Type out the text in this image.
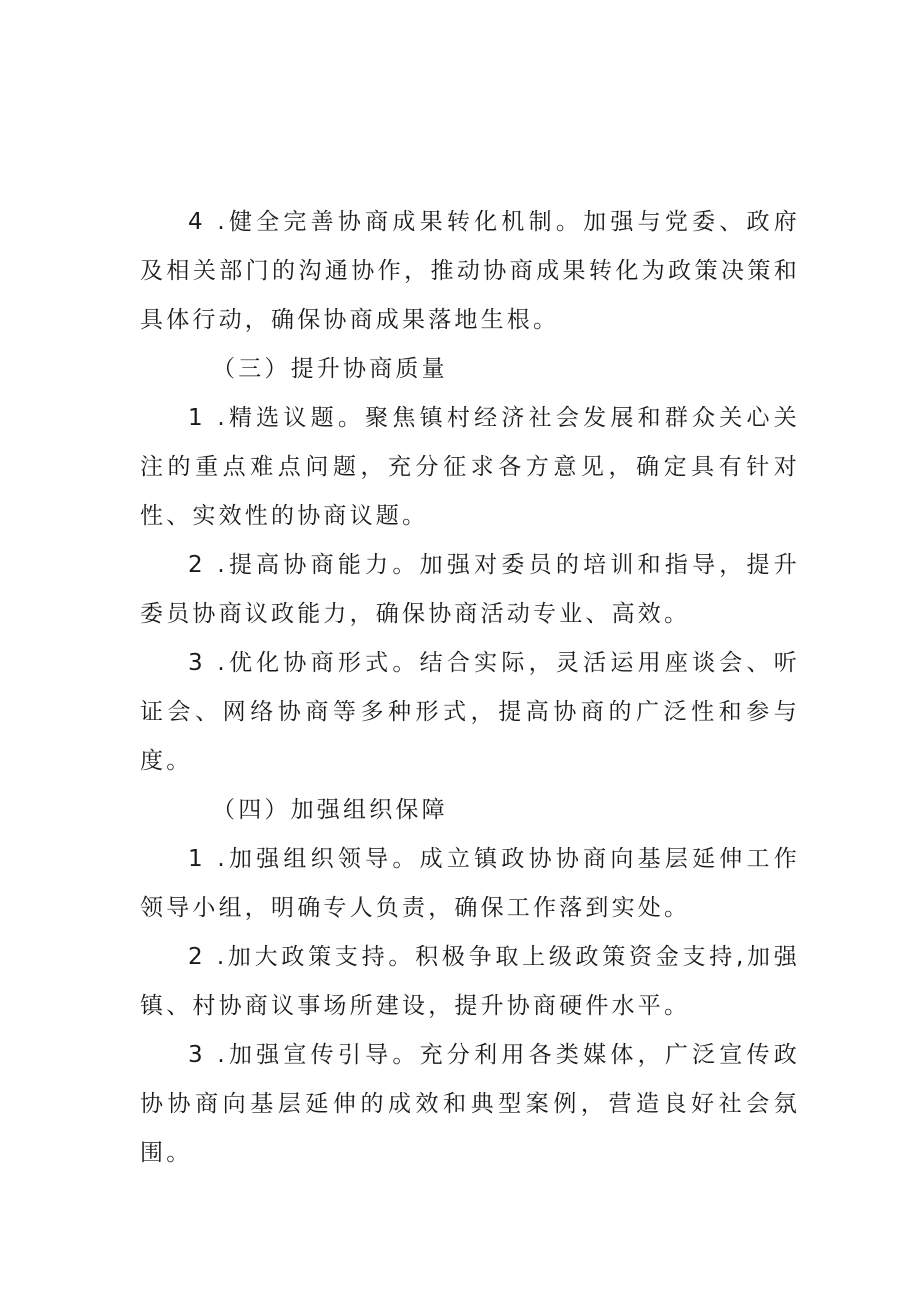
4 .健全完善协商成果转化机制。加强与党委、政府及相关部门的沟通协作，推动协商成果转化为政策决策和具体行动，确保协商成果落地生根。

（三）提升协商质量

1 .精选议题。聚焦镇村经济社会发展和群众关心关注的重点难点问题，充分征求各方意见，确定具有针对性、实效性的协商议题。

2 .提高协商能力。加强对委员的培训和指导，提升委员协商议政能力，确保协商活动专业、高效。

3 .优化协商形式。结合实际，灵活运用座谈会、听证会、网络协商等多种形式，提高协商的广泛性和参与度。

（四）加强组织保障

1 .加强组织领导。成立镇政协协商向基层延伸工作领导小组，明确专人负责，确保工作落到实处。

2 .加大政策支持。积极争取上级政策资金支持,加强镇、村协商议事场所建设，提升协商硬件水平。

3 .加强宣传引导。充分利用各类媒体，广泛宣传政协协商向基层延伸的成效和典型案例，营造良好社会氛围。
